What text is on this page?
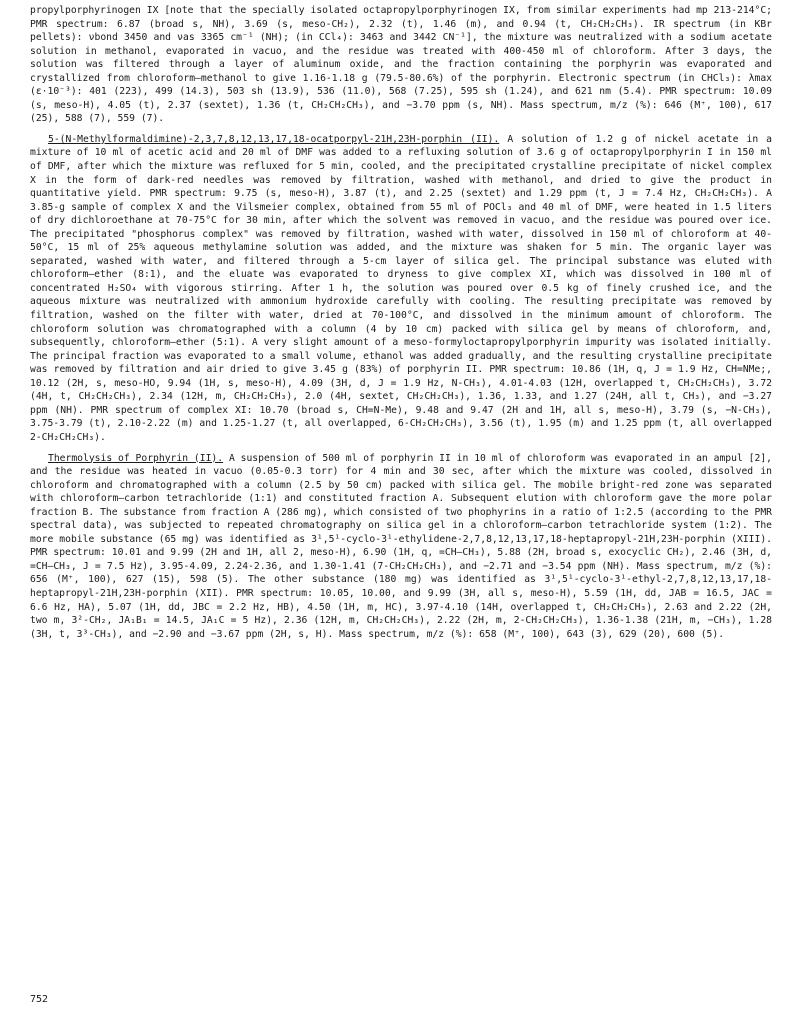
propylporphyrinogen IX [note that the specially isolated octapropylporphyrinogen IX, from similar experiments had mp 213-214°C; PMR spectrum: 6.87 (broad s, NH), 3.69 (s, meso-CH₂), 2.32 (t), 1.46 (m), and 0.94 (t, CH₂CH₂CH₃). IR spectrum (in KBr pellets): νbond 3450 and νas 3365 cm⁻¹ (NH); (in CCl₄): 3463 and 3442 CN⁻¹], the mixture was neutralized with a sodium acetate solution in methanol, evaporated in vacuo, and the residue was treated with 400-450 ml of chloroform. After 3 days, the solution was filtered through a layer of aluminum oxide, and the fraction containing the porphyrin was evaporated and crystallized from chloroform—methanol to give 1.16-1.18 g (79.5-80.6%) of the porphyrin. Electronic spectrum (in CHCl₃): λmax (ε·10⁻³): 401 (223), 499 (14.3), 503 sh (13.9), 536 (11.0), 568 (7.25), 595 sh (1.24), and 621 nm (5.4). PMR spectrum: 10.09 (s, meso-H), 4.05 (t), 2.37 (sextet), 1.36 (t, CH₂CH₂CH₃), and −3.70 ppm (s, NH). Mass spectrum, m/z (%): 646 (M⁺, 100), 617 (25), 588 (7), 559 (7).

5-(N-Methylformaldimine)-2,3,7,8,12,13,17,18-ocatporpyl-21H,23H-porphin (II). A solution of 1.2 g of nickel acetate in a mixture of 10 ml of acetic acid and 20 ml of DMF was added to a refluxing solution of 3.6 g of octapropylporphyrin I in 150 ml of DMF, after which the mixture was refluxed for 5 min, cooled, and the precipitated crystalline precipitate of nickel complex X in the form of dark-red needles was removed by filtration, washed with methanol, and dried to give the product in quantitative yield. PMR spectrum: 9.75 (s, meso-H), 3.87 (t), and 2.25 (sextet) and 1.29 ppm (t, J = 7.4 Hz, CH₂CH₂CH₃). A 3.85-g sample of complex X and the Vilsmeier complex, obtained from 55 ml of POCl₃ and 40 ml of DMF, were heated in 1.5 liters of dry dichloroethane at 70-75°C for 30 min, after which the solvent was removed in vacuo, and the residue was poured over ice. The precipitated "phosphorus complex" was removed by filtration, washed with water, dissolved in 150 ml of chloroform at 40-50°C, 15 ml of 25% aqueous methylamine solution was added, and the mixture was shaken for 5 min. The organic layer was separated, washed with water, and filtered through a 5-cm layer of silica gel. The principal substance was eluted with chloroform—ether (8:1), and the eluate was evaporated to dryness to give complex XI, which was dissolved in 100 ml of concentrated H₂SO₄ with vigorous stirring. After 1 h, the solution was poured over 0.5 kg of finely crushed ice, and the aqueous mixture was neutralized with ammonium hydroxide carefully with cooling. The resulting precipitate was removed by filtration, washed on the filter with water, dried at 70-100°C, and dissolved in the minimum amount of chloroform. The chloroform solution was chromatographed with a column (4 by 10 cm) packed with silica gel by means of chloroform, and, subsequently, chloroform—ether (5:1). A very slight amount of a meso-formyloctapropylporphyrin impurity was isolated initially. The principal fraction was evaporated to a small volume, ethanol was added gradually, and the resulting crystalline precipitate was removed by filtration and air dried to give 3.45 g (83%) of porphyrin II. PMR spectrum: 10.86 (1H, q, J = 1.9 Hz, CH=NMe;, 10.12 (2H, s, meso-HO, 9.94 (1H, s, meso-H), 4.09 (3H, d, J = 1.9 Hz, N-CH₃), 4.01-4.03 (12H, overlapped t, CH₂CH₂CH₃), 3.72 (4H, t, CH₂CH₂CH₃), 2.34 (12H, m, CH₂CH₂CH₃), 2.0 (4H, sextet, CH₂CH₂CH₃), 1.36, 1.33, and 1.27 (24H, all t, CH₃), and −3.27 ppm (NH). PMR spectrum of complex XI: 10.70 (broad s, CH=N-Me), 9.48 and 9.47 (2H and 1H, all s, meso-H), 3.79 (s, −N-CH₃), 3.75-3.79 (t), 2.10-2.22 (m) and 1.25-1.27 (t, all overlapped, 6-CH₂CH₂CH₃), 3.56 (t), 1.95 (m) and 1.25 ppm (t, all overlapped 2-CH₂CH₂CH₃).

Thermolysis of Porphyrin (II). A suspension of 500 ml of porphyrin II in 10 ml of chloroform was evaporated in an ampul [2], and the residue was heated in vacuo (0.05-0.3 torr) for 4 min and 30 sec, after which the mixture was cooled, dissolved in chloroform and chromatographed with a column (2.5 by 50 cm) packed with silica gel. The mobile bright-red zone was separated with chloroform—carbon tetrachloride (1:1) and constituted fraction A. Subsequent elution with chloroform gave the more polar fraction B. The substance from fraction A (286 mg), which consisted of two phophyrins in a ratio of 1:2.5 (according to the PMR spectral data), was subjected to repeated chromatography on silica gel in a chloroform—carbon tetrachloride system (1:2). The more mobile substance (65 mg) was identified as 3¹,5¹-cyclo-3¹-ethylidene-2,7,8,12,13,17,18-heptapropyl-21H,23H-porphin (XIII). PMR spectrum: 10.01 and 9.99 (2H and 1H, all 2, meso-H), 6.90 (1H, q, =CH—CH₃), 5.88 (2H, broad s, exocyclic CH₂), 2.46 (3H, d, =CH—CH₃, J = 7.5 Hz), 3.95-4.09, 2.24-2.36, and 1.30-1.41 (7-CH₂CH₂CH₃), and −2.71 and −3.54 ppm (NH). Mass spectrum, m/z (%): 656 (M⁺, 100), 627 (15), 598 (5). The other substance (180 mg) was identified as 3¹,5¹-cyclo-3¹-ethyl-2,7,8,12,13,17,18-heptapropyl-21H,23H-porphin (XII). PMR spectrum: 10.05, 10.00, and 9.99 (3H, all s, meso-H), 5.59 (1H, dd, JAB = 16.5, JAC = 6.6 Hz, HA), 5.07 (1H, dd, JBC = 2.2 Hz, HB), 4.50 (1H, m, HC), 3.97-4.10 (14H, overlapped t, CH₂CH₂CH₃), 2.63 and 2.22 (2H, two m, 3²-CH₂, JA₁B₁ = 14.5, JA₁C = 5 Hz), 2.36 (12H, m, CH₂CH₂CH₃), 2.22 (2H, m, 2-CH₂CH₂CH₃), 1.36-1.38 (21H, m, −CH₃), 1.28 (3H, t, 3³-CH₃), and −2.90 and −3.67 ppm (2H, s, H). Mass spectrum, m/z (%): 658 (M⁺, 100), 643 (3), 629 (20), 600 (5).

752
